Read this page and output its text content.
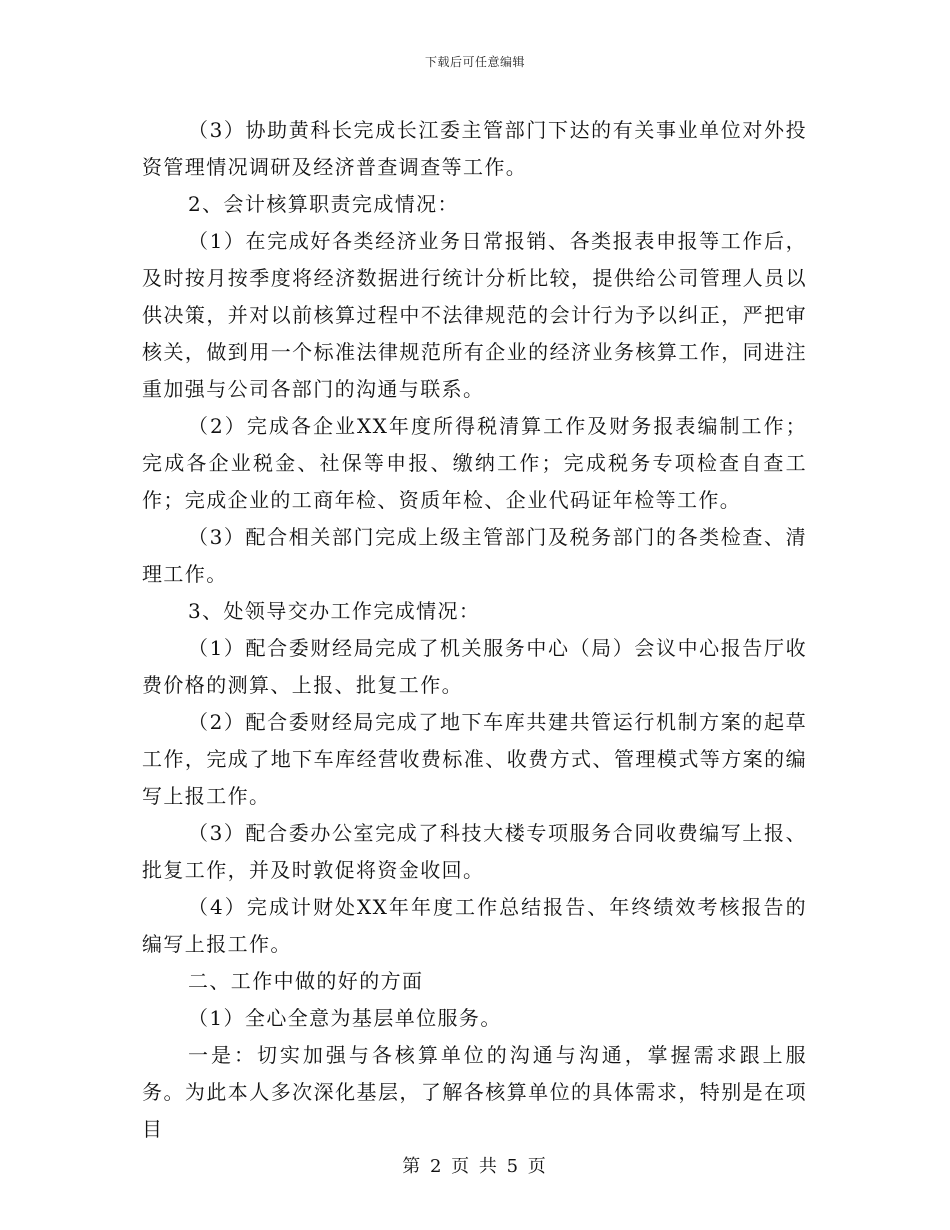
下载后可任意编辑

（3）协助黄科长完成长江委主管部门下达的有关事业单位对外投资管理情况调研及经济普查调查等工作。

2、会计核算职责完成情况：

（1）在完成好各类经济业务日常报销、各类报表申报等工作后，及时按月按季度将经济数据进行统计分析比较，提供给公司管理人员以供决策，并对以前核算过程中不法律规范的会计行为予以纠正，严把审核关，做到用一个标准法律规范所有企业的经济业务核算工作，同进注重加强与公司各部门的沟通与联系。

（2）完成各企业XX年度所得税清算工作及财务报表编制工作；完成各企业税金、社保等申报、缴纳工作；完成税务专项检查自查工作；完成企业的工商年检、资质年检、企业代码证年检等工作。

（3）配合相关部门完成上级主管部门及税务部门的各类检查、清理工作。

3、处领导交办工作完成情况：

（1）配合委财经局完成了机关服务中心（局）会议中心报告厅收费价格的测算、上报、批复工作。

（2）配合委财经局完成了地下车库共建共管运行机制方案的起草工作，完成了地下车库经营收费标准、收费方式、管理模式等方案的编写上报工作。

（3）配合委办公室完成了科技大楼专项服务合同收费编写上报、批复工作，并及时敦促将资金收回。

（4）完成计财处XX年年度工作总结报告、年终绩效考核报告的编写上报工作。

二、工作中做的好的方面

（1）全心全意为基层单位服务。

一是：切实加强与各核算单位的沟通与沟通，掌握需求跟上服务。为此本人多次深化基层，了解各核算单位的具体需求，特别是在项目

第 2 页 共 5 页
